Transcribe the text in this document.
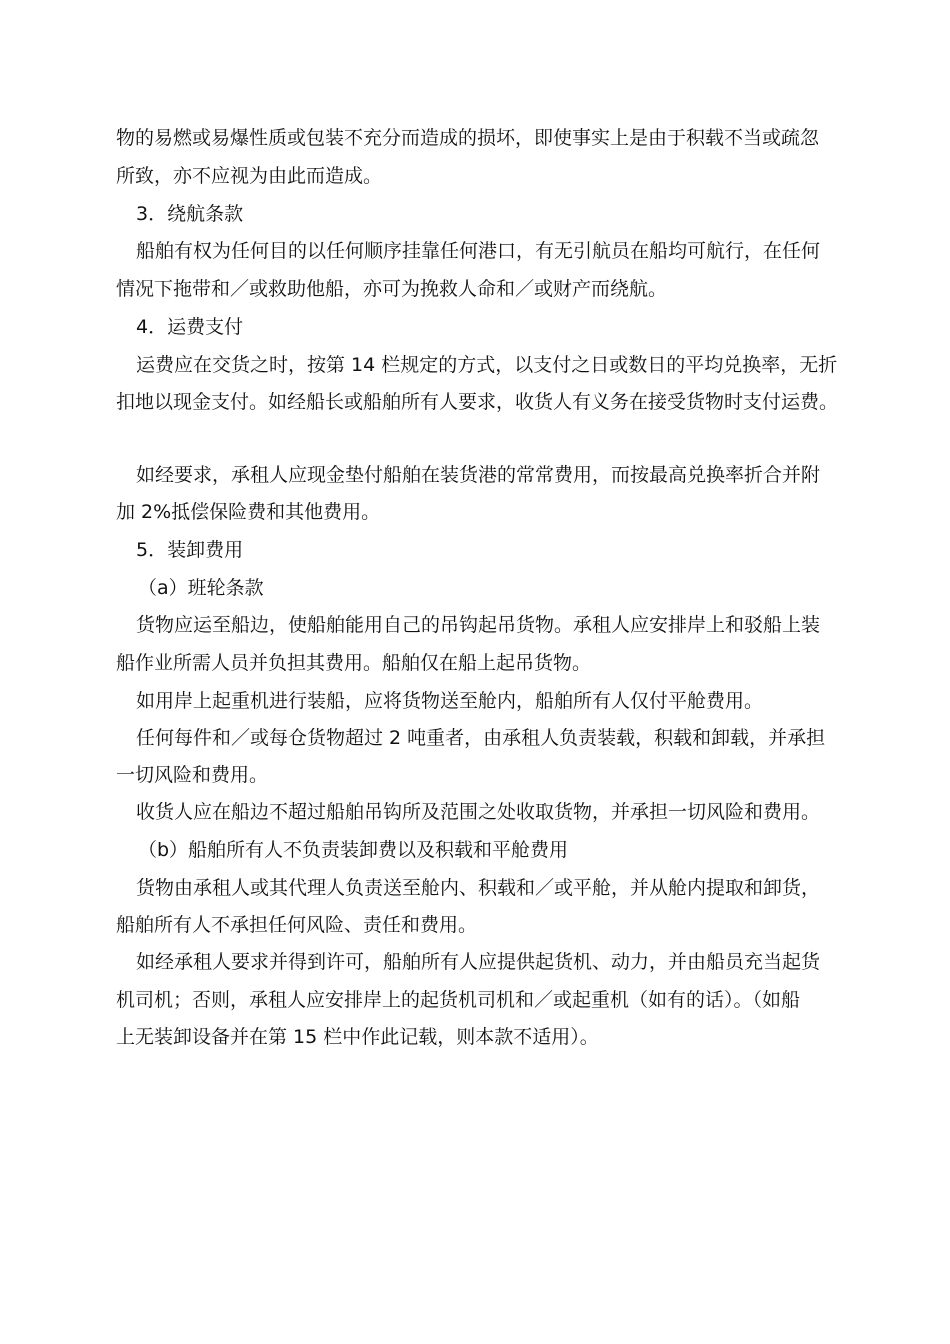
物的易燃或易爆性质或包装不充分而造成的损坏，即使事实上是由于积载不当或疏忽

所致，亦不应视为由此而造成。

3．绕航条款

船舶有权为任何目的以任何顺序挂靠任何港口，有无引航员在船均可航行，在任何

情况下拖带和／或救助他船，亦可为挽救人命和／或财产而绕航。

4．运费支付

运费应在交货之时，按第 14 栏规定的方式，以支付之日或数日的平均兑换率，无折

扣地以现金支付。如经船长或船舶所有人要求，收货人有义务在接受货物时支付运费。

如经要求，承租人应现金垫付船舶在装货港的常常费用，而按最高兑换率折合并附

加 2%抵偿保险费和其他费用。

5．装卸费用

（a）班轮条款

货物应运至船边，使船舶能用自己的吊钩起吊货物。承租人应安排岸上和驳船上装

船作业所需人员并负担其费用。船舶仅在船上起吊货物。

如用岸上起重机进行装船，应将货物送至舱内，船舶所有人仅付平舱费用。

任何每件和／或每仓货物超过 2 吨重者，由承租人负责装载，积载和卸载，并承担

一切风险和费用。

收货人应在船边不超过船舶吊钩所及范围之处收取货物，并承担一切风险和费用。

（b）船舶所有人不负责装卸费以及积载和平舱费用

货物由承租人或其代理人负责送至舱内、积载和／或平舱，并从舱内提取和卸货，

船舶所有人不承担任何风险、责任和费用。

如经承租人要求并得到许可，船舶所有人应提供起货机、动力，并由船员充当起货

机司机；否则，承租人应安排岸上的起货机司机和／或起重机（如有的话）。（如船

上无装卸设备并在第 15 栏中作此记载，则本款不适用）。
